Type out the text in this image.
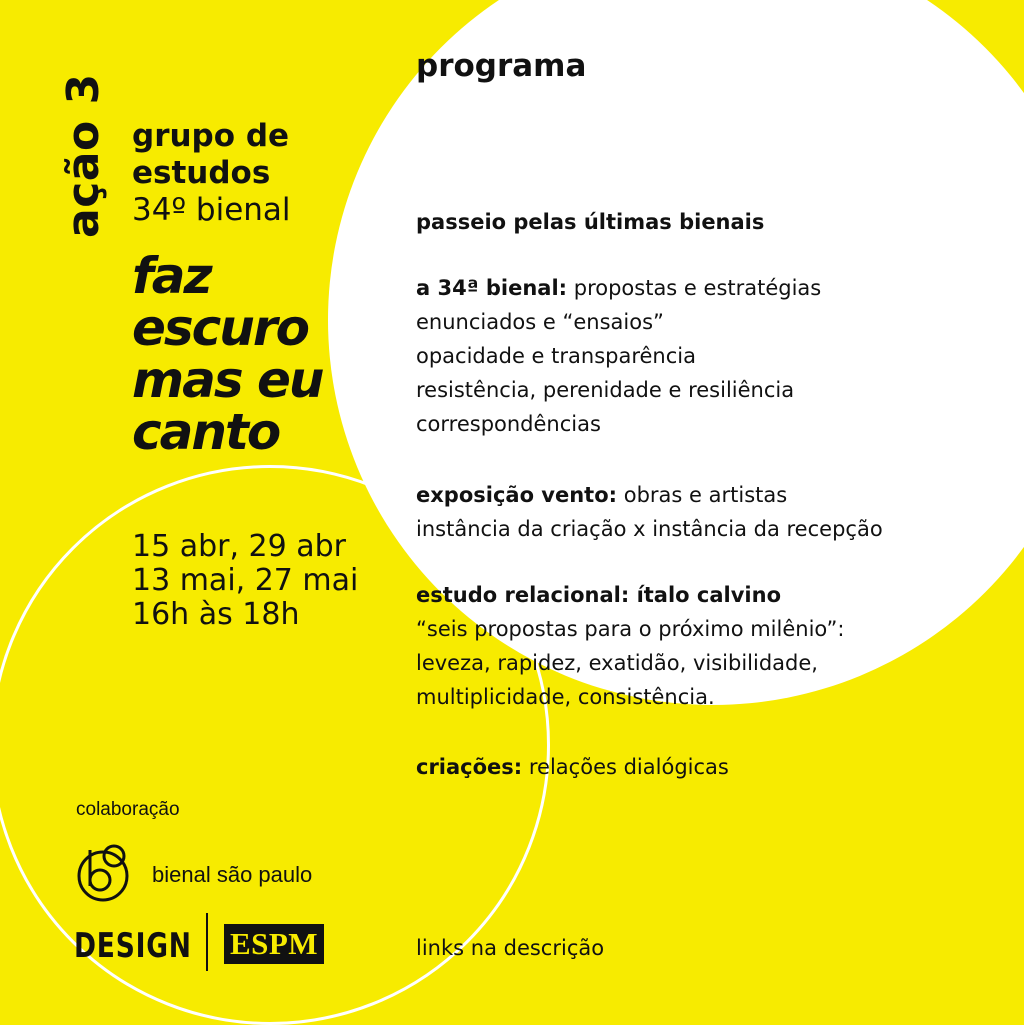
ação 3 grupo de
estudos
34º bienal
faz
escuro
mas eu
canto
15 abr, 29 abr
13 mai, 27 mai
16h às 18h
colaboração
bienal são paulo
DESIGN ESPM
programa
passeio pelas últimas bienais
a 34ª bienal: propostas e estratégias
enunciados e “ensaios”
opacidade e transparência
resistência, perenidade e resiliência
correspondências
exposição vento: obras e artistas
instância da criação x instância da recepção
estudo relacional: ítalo calvino
“seis propostas para o próximo milênio”:
leveza, rapidez, exatidão, visibilidade,
multiplicidade, consistência.
criações: relações dialógicas
links na descrição
